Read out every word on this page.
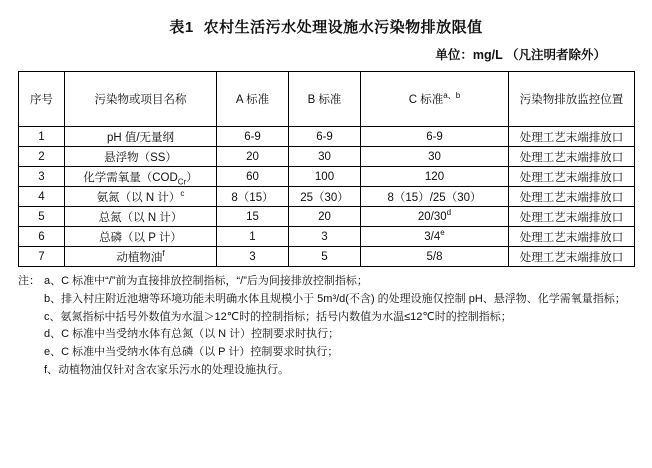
表1 农村生活污水处理设施水污染物排放限值
单位：mg/L （凡注明者除外）
序号	污染物或项目名称	A 标准	B 标准	C 标准$^{a、b}$	污染物排放监控位置
1	pH 值/无量纲	6-9	6-9	6-9	处理工艺末端排放口
2	悬浮物（SS）	20	30	30	处理工艺末端排放口
3	化学需氧量$(COD_{Cr})$	60	100	120	处理工艺末端排放口
4	氨氮（以 N 计）$^c$	8（15）	25（30）	8（15）/25（30）	处理工艺末端排放口
5	总氮（以 N 计）	15	20	20/30$^d$	处理工艺末端排放口
6	总磷（以 P 计）	1	3	3/4e	处理工艺末端排放口
7	动植物油$^f$	3	5	5/8	处理工艺末端排放口
注： a、C 标准中“/”前为直接排放控制指标，“/”后为间接排放控制指标；
b、排入村庄附近池塘等环境功能未明确水体且规模小于 5m³/d(不含) 的处理设施仅控制 pH、悬浮物、化学需氧量指标；
c、氨氮指标中括号外数值为水温＞12℃时的控制指标；括号内数值为水温≤12℃时的控制指标；
d、C 标准中当受纳水体有总氮（以 N 计）控制要求时执行；
e、C 标准中当受纳水体有总磷（以 P 计）控制要求时执行；
f、动植物油仅针对含农家乐污水的处理设施执行。
